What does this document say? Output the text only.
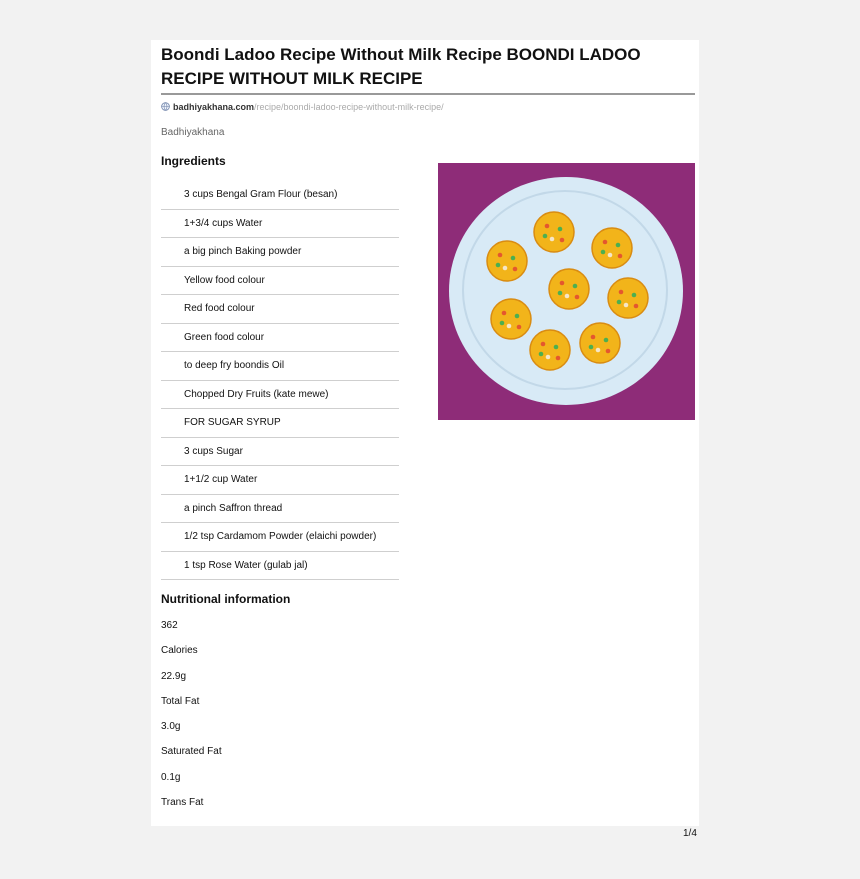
Boondi Ladoo Recipe Without Milk Recipe BOONDI LADOO RECIPE WITHOUT MILK RECIPE
badhiyakhana.com/recipe/boondi-ladoo-recipe-without-milk-recipe/
Badhiyakhana
Ingredients
3 cups Bengal Gram Flour (besan)
1+3/4 cups Water
a big pinch Baking powder
Yellow food colour
Red food colour
Green food colour
to deep fry boondis Oil
Chopped Dry Fruits (kate mewe)
FOR SUGAR SYRUP
3 cups Sugar
1+1/2 cup Water
a pinch Saffron thread
1/2 tsp Cardamom Powder (elaichi powder)
1 tsp Rose Water (gulab jal)
Nutritional information
362
Calories
22.9g
Total Fat
3.0g
Saturated Fat
0.1g
Trans Fat
1/4
